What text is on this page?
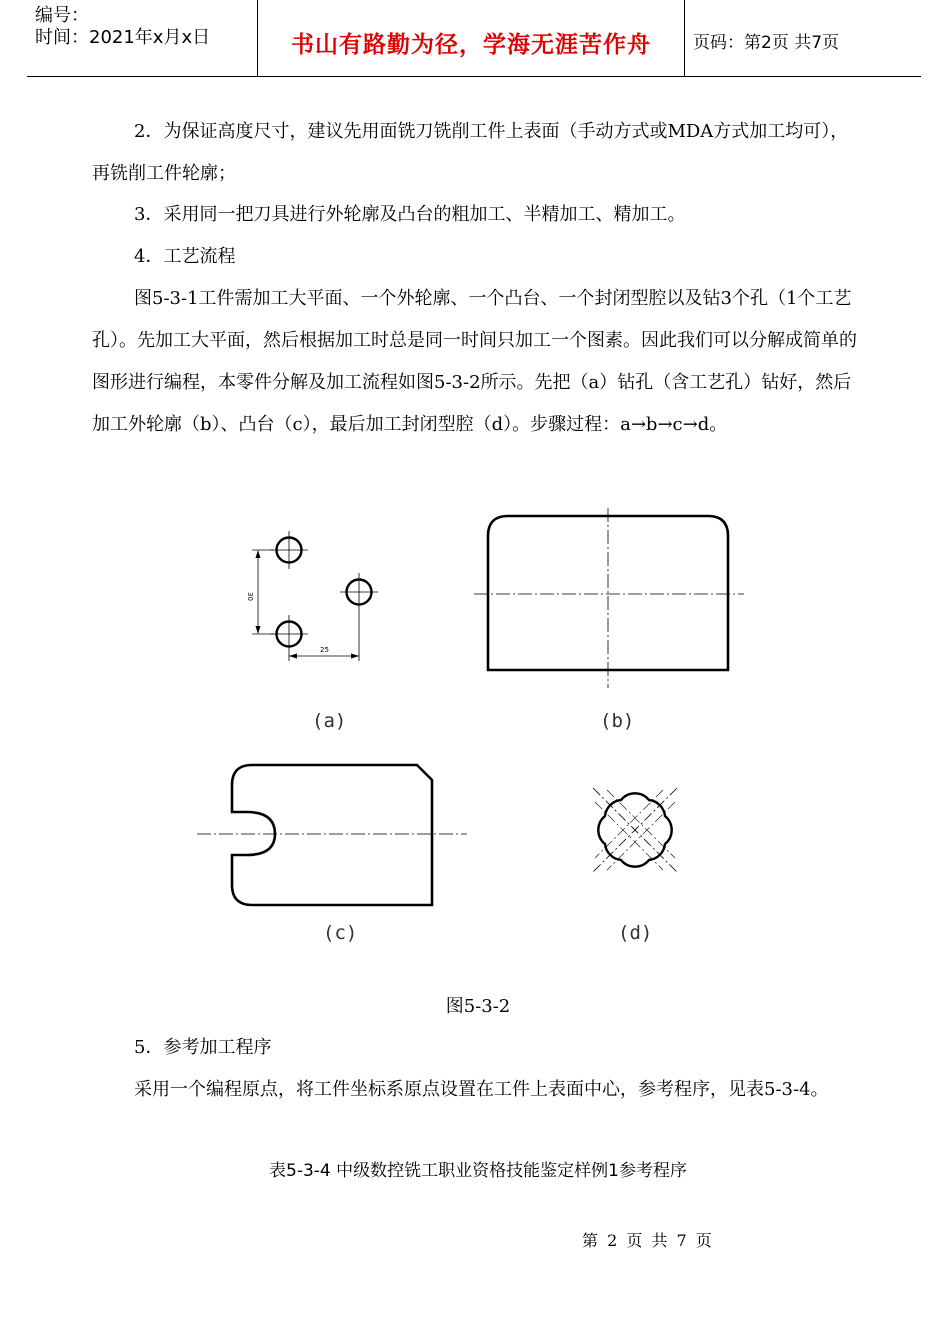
编号：
时间：2021年x月x日	书山有路勤为径，学海无涯苦作舟	页码：第2页 共7页
2．为保证高度尺寸，建议先用面铣刀铣削工件上表面（手动方式或MDA方式加工均可），再铣削工件轮廓；
3．采用同一把刀具进行外轮廓及凸台的粗加工、半精加工、精加工。
4．工艺流程
图5-3-1工件需加工大平面、一个外轮廓、一个凸台、一个封闭型腔以及钻3个孔（1个工艺孔）。先加工大平面，然后根据加工时总是同一时间只加工一个图素。因此我们可以分解成简单的图形进行编程，本零件分解及加工流程如图5-3-2所示。先把（a）钻孔（含工艺孔）钻好，然后加工外轮廓（b）、凸台（c），最后加工封闭型腔（d）。步骤过程：a→b→c→d。
30
25
(a)	(b)
(c)	(d)
图5-3-2
5．参考加工程序
采用一个编程原点，将工件坐标系原点设置在工件上表面中心，参考程序，见表5-3-4。
表5-3-4 中级数控铣工职业资格技能鉴定样例1参考程序
第 2 页 共 7 页
